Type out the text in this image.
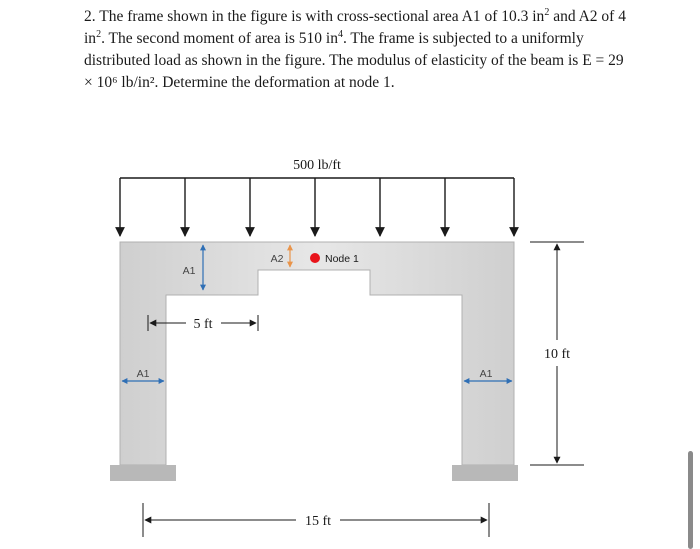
2. The frame shown in the figure is with cross-sectional area A1 of 10.3 $in^2$ and A2 of 4 $in^2$. The second moment of area is 510 $in^4$. The frame is subjected to a uniformly distributed load as shown in the figure. The modulus of elasticity of the beam is E = 29 × 10⁶ lb/in². Determine the deformation at node 1.

500 lb/ft
A1
A2
A1	A1
Node 1
5 ft
10 ft
15 ft
